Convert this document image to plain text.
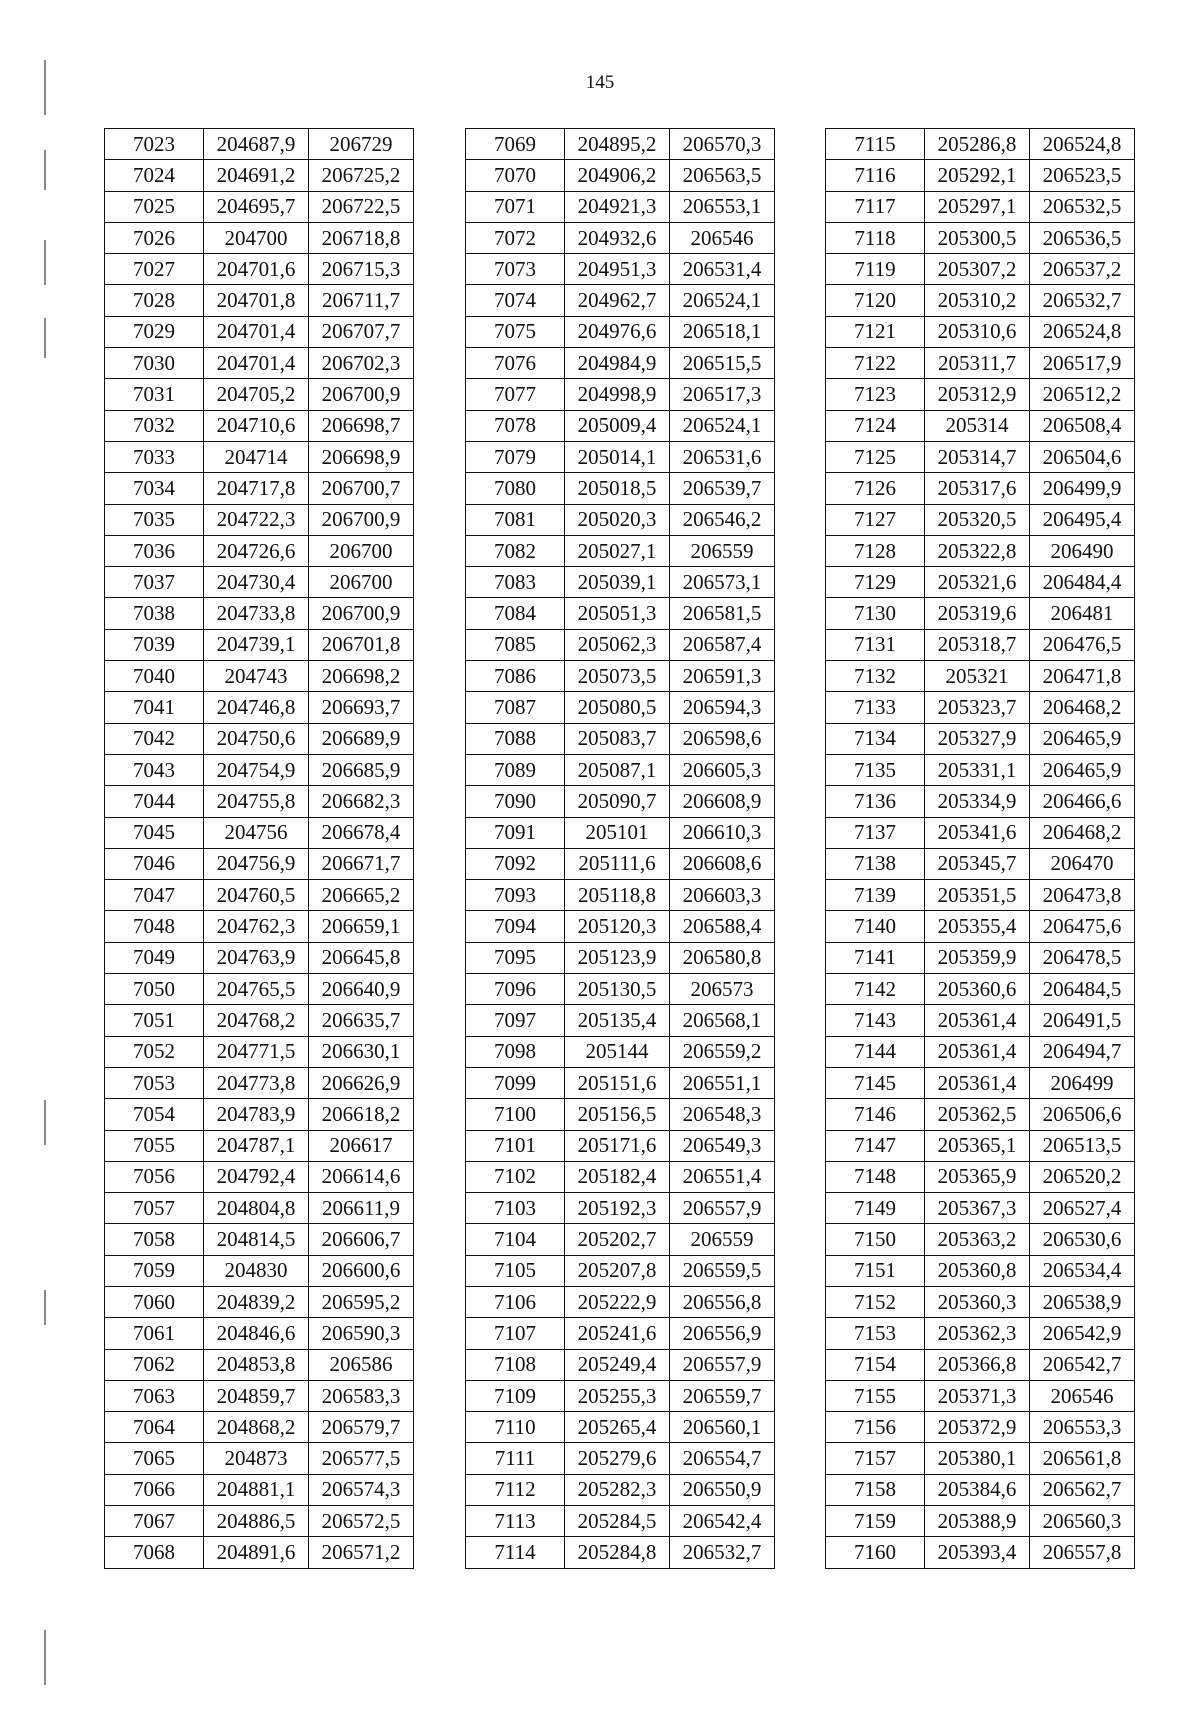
145
7023	204687,9	206729
7024	204691,2	206725,2
7025	204695,7	206722,5
7026	204700	206718,8
7027	204701,6	206715,3
7028	204701,8	206711,7
7029	204701,4	206707,7
7030	204701,4	206702,3
7031	204705,2	206700,9
7032	204710,6	206698,7
7033	204714	206698,9
7034	204717,8	206700,7
7035	204722,3	206700,9
7036	204726,6	206700
7037	204730,4	206700
7038	204733,8	206700,9
7039	204739,1	206701,8
7040	204743	206698,2
7041	204746,8	206693,7
7042	204750,6	206689,9
7043	204754,9	206685,9
7044	204755,8	206682,3
7045	204756	206678,4
7046	204756,9	206671,7
7047	204760,5	206665,2
7048	204762,3	206659,1
7049	204763,9	206645,8
7050	204765,5	206640,9
7051	204768,2	206635,7
7052	204771,5	206630,1
7053	204773,8	206626,9
7054	204783,9	206618,2
7055	204787,1	206617
7056	204792,4	206614,6
7057	204804,8	206611,9
7058	204814,5	206606,7
7059	204830	206600,6
7060	204839,2	206595,2
7061	204846,6	206590,3
7062	204853,8	206586
7063	204859,7	206583,3
7064	204868,2	206579,7
7065	204873	206577,5
7066	204881,1	206574,3
7067	204886,5	206572,5
7068	204891,6	206571,2
7069	204895,2	206570,3
7070	204906,2	206563,5
7071	204921,3	206553,1
7072	204932,6	206546
7073	204951,3	206531,4
7074	204962,7	206524,1
7075	204976,6	206518,1
7076	204984,9	206515,5
7077	204998,9	206517,3
7078	205009,4	206524,1
7079	205014,1	206531,6
7080	205018,5	206539,7
7081	205020,3	206546,2
7082	205027,1	206559
7083	205039,1	206573,1
7084	205051,3	206581,5
7085	205062,3	206587,4
7086	205073,5	206591,3
7087	205080,5	206594,3
7088	205083,7	206598,6
7089	205087,1	206605,3
7090	205090,7	206608,9
7091	205101	206610,3
7092	205111,6	206608,6
7093	205118,8	206603,3
7094	205120,3	206588,4
7095	205123,9	206580,8
7096	205130,5	206573
7097	205135,4	206568,1
7098	205144	206559,2
7099	205151,6	206551,1
7100	205156,5	206548,3
7101	205171,6	206549,3
7102	205182,4	206551,4
7103	205192,3	206557,9
7104	205202,7	206559
7105	205207,8	206559,5
7106	205222,9	206556,8
7107	205241,6	206556,9
7108	205249,4	206557,9
7109	205255,3	206559,7
7110	205265,4	206560,1
7111	205279,6	206554,7
7112	205282,3	206550,9
7113	205284,5	206542,4
7114	205284,8	206532,7
7115	205286,8	206524,8
7116	205292,1	206523,5
7117	205297,1	206532,5
7118	205300,5	206536,5
7119	205307,2	206537,2
7120	205310,2	206532,7
7121	205310,6	206524,8
7122	205311,7	206517,9
7123	205312,9	206512,2
7124	205314	206508,4
7125	205314,7	206504,6
7126	205317,6	206499,9
7127	205320,5	206495,4
7128	205322,8	206490
7129	205321,6	206484,4
7130	205319,6	206481
7131	205318,7	206476,5
7132	205321	206471,8
7133	205323,7	206468,2
7134	205327,9	206465,9
7135	205331,1	206465,9
7136	205334,9	206466,6
7137	205341,6	206468,2
7138	205345,7	206470
7139	205351,5	206473,8
7140	205355,4	206475,6
7141	205359,9	206478,5
7142	205360,6	206484,5
7143	205361,4	206491,5
7144	205361,4	206494,7
7145	205361,4	206499
7146	205362,5	206506,6
7147	205365,1	206513,5
7148	205365,9	206520,2
7149	205367,3	206527,4
7150	205363,2	206530,6
7151	205360,8	206534,4
7152	205360,3	206538,9
7153	205362,3	206542,9
7154	205366,8	206542,7
7155	205371,3	206546
7156	205372,9	206553,3
7157	205380,1	206561,8
7158	205384,6	206562,7
7159	205388,9	206560,3
7160	205393,4	206557,8
